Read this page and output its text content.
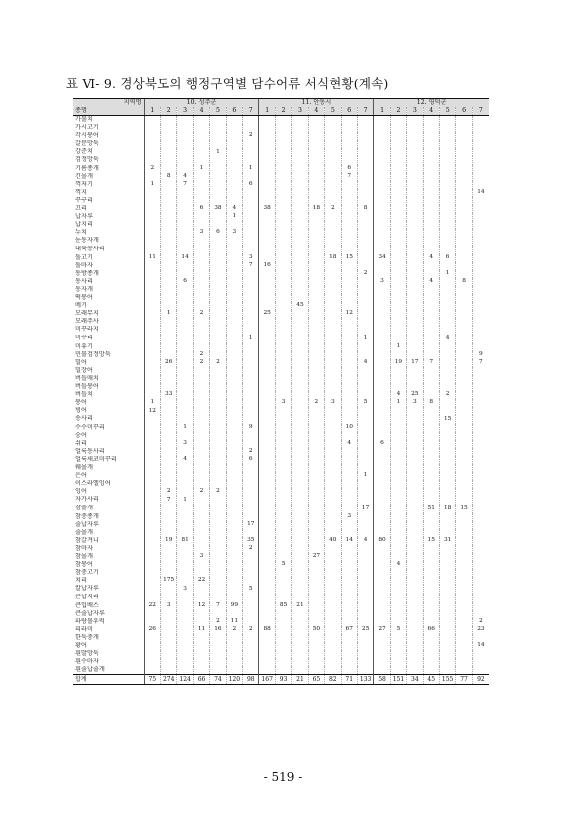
표 Ⅵ- 9. 경상북도의 행정구역별 담수어류 서식현황(계속)
지역명	10. 성주군							11. 안동시							12. 영덕군						
종명	1	2	3	4	5	6	7	1	2	3	4	5	6	7	1	2	3	4	5	6	7
가물치																					
가시고기																					
각시붕어							2														
갈문망둑																					
강준치					1																
검정망둑																					
기름종개	2			1			1						6								
긴몰개		8	4										7								
꺽저기	1		7				6														
꺽지																					14
꾸구리																					
끄리				6	38	4		38			18	2		8							
납자루						1															
납지리																					
누치				3	6	3															
눈동자개																					
대륙송사리																					
돌고기	11		14				3					18	15		34			4	6		
돌마자							7	16													
동방종개														2					1		
동사리			6												3			4		8	
동자개																					
떡붕어																					
메기										45											
모래무지		1		2				25					12								
모래주사																					
미꾸라지																					
미꾸리							1							1					4		
미유기																1					
민물검정망둑				2																	9
밀어		26		2	2									4		19	17	7			7
밀장어																					
버들매치																					
버들붕어																					
버들치		33														4	25		2		
붕어	1								3		2	3		5		1	3	8			
빙어	12																				
송사리																			15		
수수미꾸리			1				9						10								
숭어																					
쉬리			3										4		6						
얼룩동사리							2														
얼룩새코미꾸리			4				6														
웨몰개																					
은어														1							
이스라엘잉어																					
잉어		2		2	2																
자가사리		7	1																		
참몰개														17				51	18	15	
참중종개													3								
줄납자루							17														
줄몰개																					
참갈겨니		19	81				35					40	14	4	80			15	31		
참마자							2														
참몰개				3							27										
참붕어									5							4					
참중고기																					
치리		175		22																	
칼납자루			3				5														
큰납지리																					
큰입배스	22	3		12	7	99			85	21											
큰줄납자루																					
파랑볼우럭					2	11															2
피라미	26			11	16	2	2	88			50		67	25	27	5		66			23
한둑중개																					
황어																					14
흰발망둑																					
흰수마자																					
흰줄납줄개																					
합계	75	274	124	66	74	120	98	167	93	21	65	82	71	133	58	151	34	45	155	77	92
- 519 -
